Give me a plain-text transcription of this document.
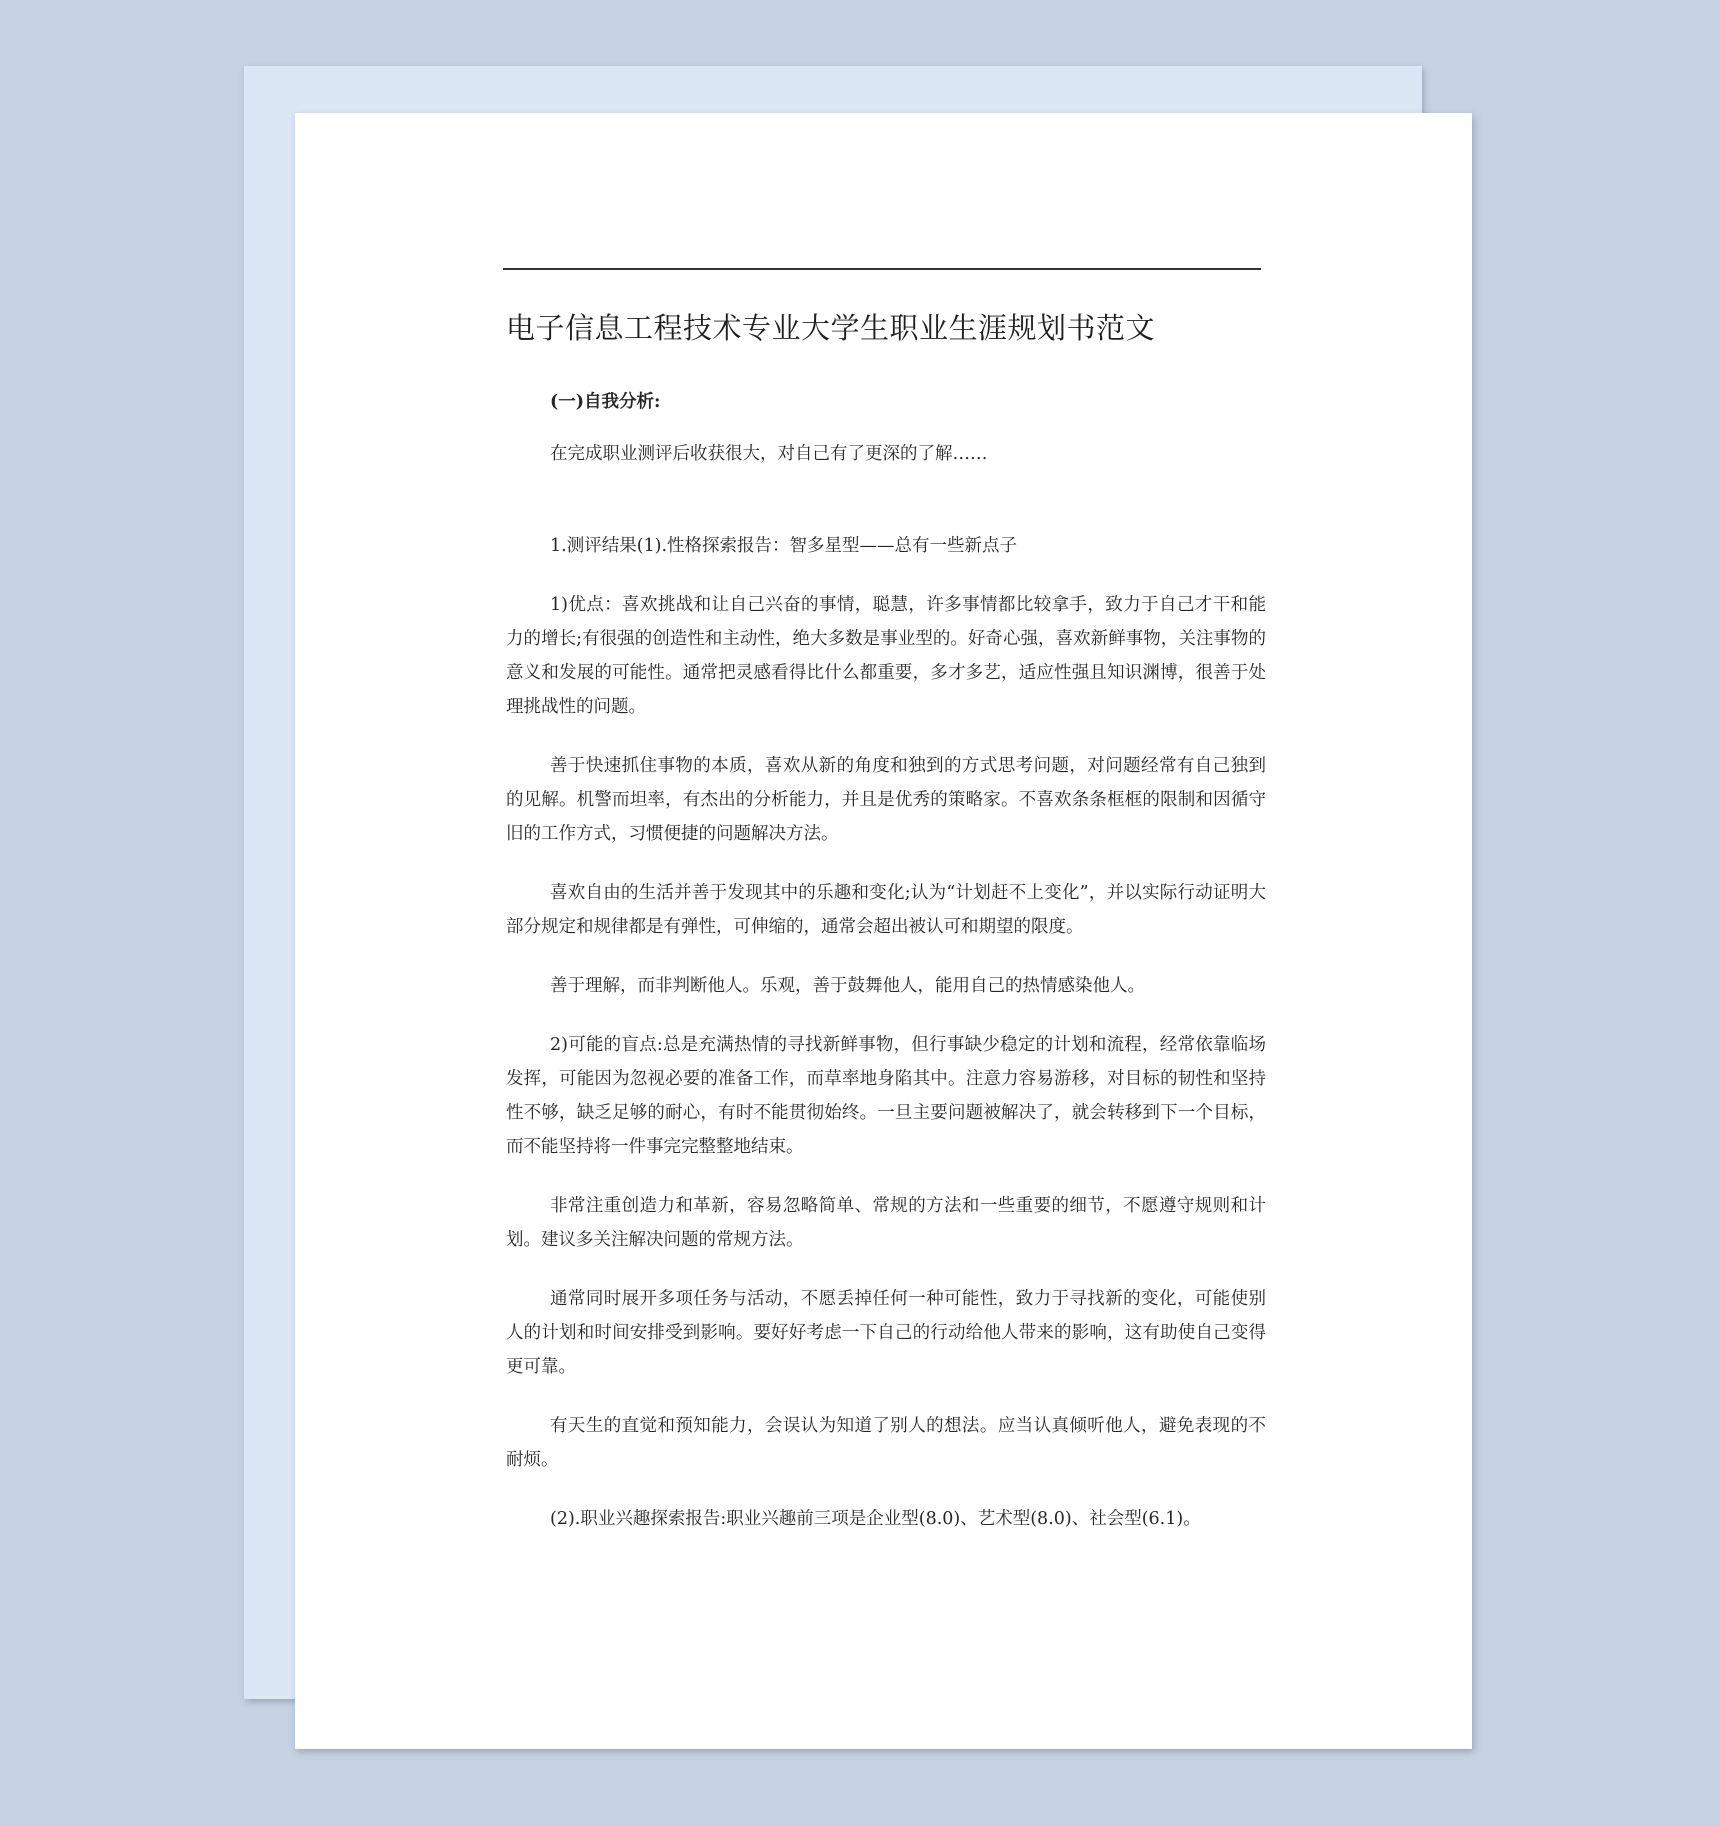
电子信息工程技术专业大学生职业生涯规划书范文

(一)自我分析:

在完成职业测评后收获很大，对自己有了更深的了解……

1.测评结果(1).性格探索报告：智多星型——总有一些新点子

1)优点：喜欢挑战和让自己兴奋的事情，聪慧，许多事情都比较拿手，致力于自己才干和能力的增长;有很强的创造性和主动性，绝大多数是事业型的。好奇心强，喜欢新鲜事物，关注事物的意义和发展的可能性。通常把灵感看得比什么都重要，多才多艺，适应性强且知识渊博，很善于处理挑战性的问题。

善于快速抓住事物的本质，喜欢从新的角度和独到的方式思考问题，对问题经常有自己独到的见解。机警而坦率，有杰出的分析能力，并且是优秀的策略家。不喜欢条条框框的限制和因循守旧的工作方式，习惯便捷的问题解决方法。

喜欢自由的生活并善于发现其中的乐趣和变化;认为“计划赶不上变化”，并以实际行动证明大部分规定和规律都是有弹性，可伸缩的，通常会超出被认可和期望的限度。

善于理解，而非判断他人。乐观，善于鼓舞他人，能用自己的热情感染他人。

2)可能的盲点:总是充满热情的寻找新鲜事物，但行事缺少稳定的计划和流程，经常依靠临场发挥，可能因为忽视必要的准备工作，而草率地身陷其中。注意力容易游移，对目标的韧性和坚持性不够，缺乏足够的耐心，有时不能贯彻始终。一旦主要问题被解决了，就会转移到下一个目标，而不能坚持将一件事完完整整地结束。

非常注重创造力和革新，容易忽略简单、常规的方法和一些重要的细节，不愿遵守规则和计划。建议多关注解决问题的常规方法。

通常同时展开多项任务与活动，不愿丢掉任何一种可能性，致力于寻找新的变化，可能使别人的计划和时间安排受到影响。要好好考虑一下自己的行动给他人带来的影响，这有助使自己变得更可靠。

有天生的直觉和预知能力，会误认为知道了别人的想法。应当认真倾听他人，避免表现的不耐烦。

(2).职业兴趣探索报告:职业兴趣前三项是企业型(8.0)、艺术型(8.0)、社会型(6.1)。
